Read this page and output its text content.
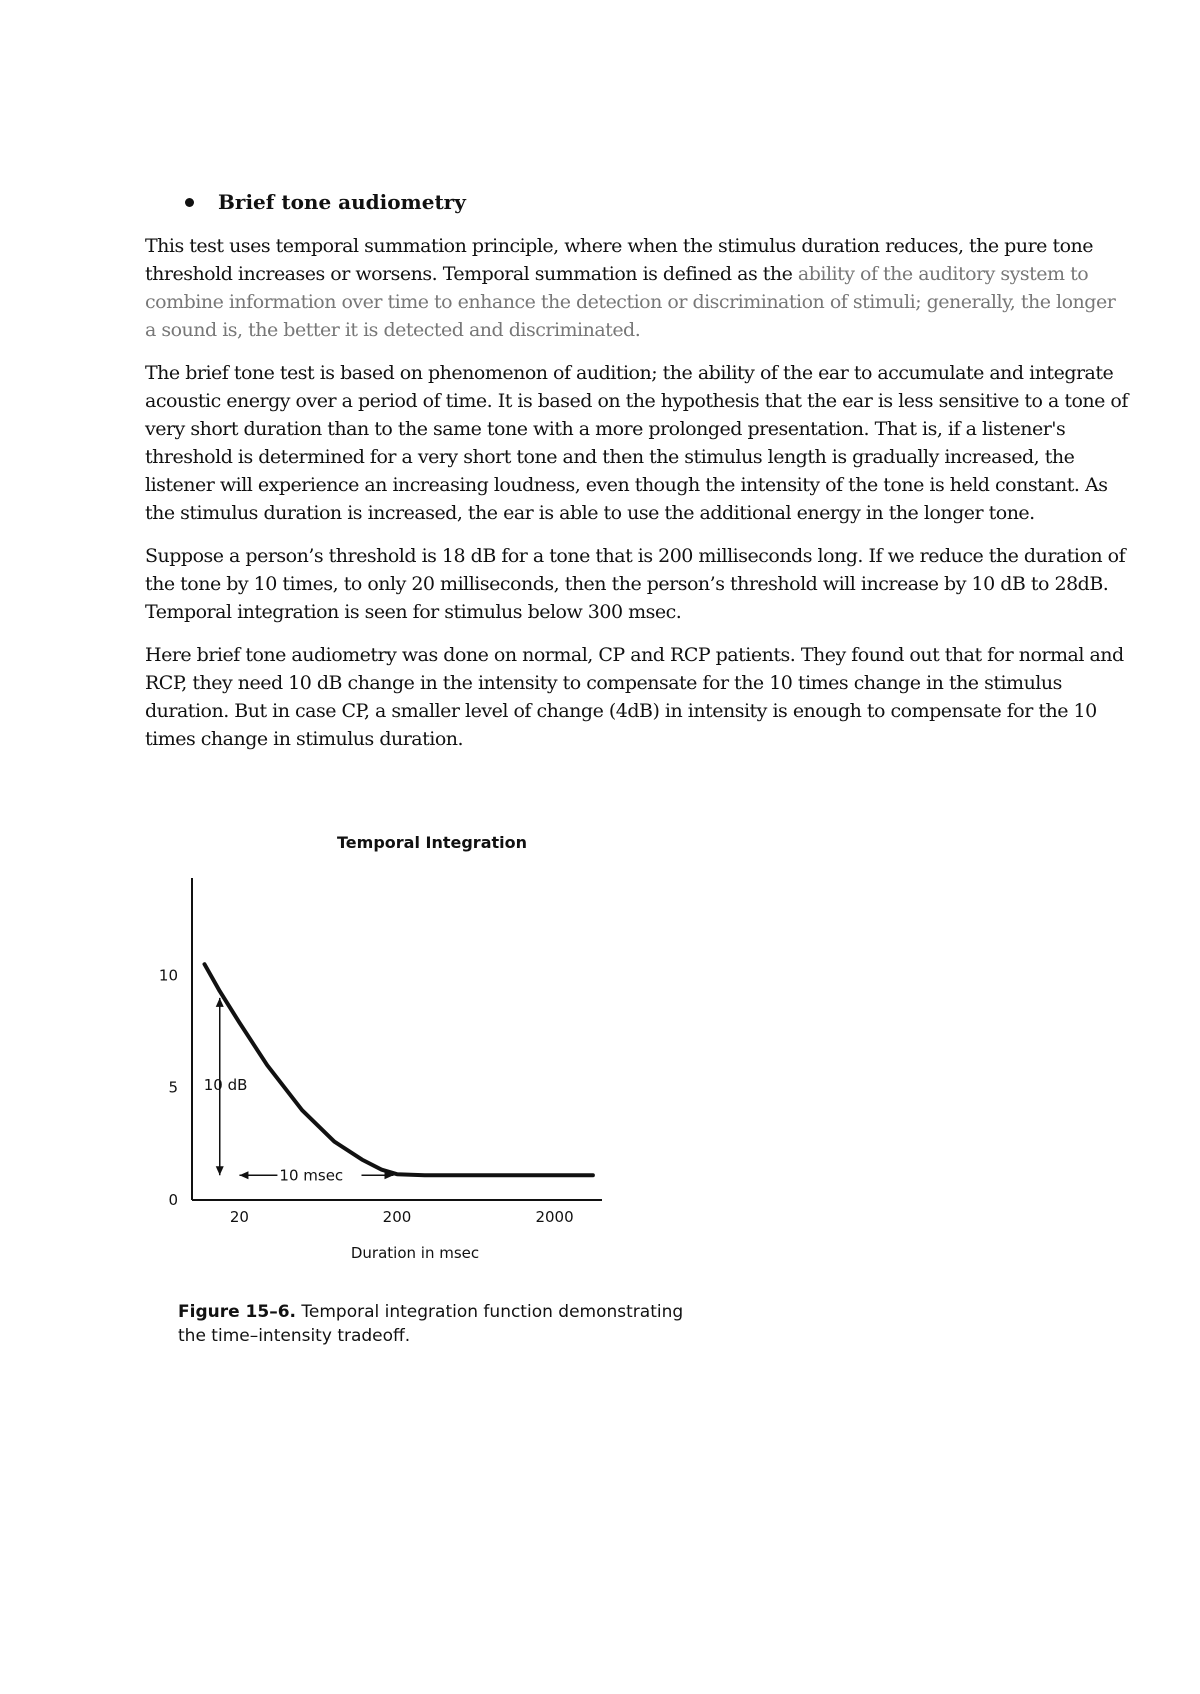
Brief tone audiometry

This test uses temporal summation principle, where when the stimulus duration reduces, the pure tone threshold increases or worsens. Temporal summation is defined as the ability of the auditory system to combine information over time to enhance the detection or discrimination of stimuli; generally, the longer a sound is, the better it is detected and discriminated.

The brief tone test is based on phenomenon of audition; the ability of the ear to accumulate and integrate acoustic energy over a period of time. It is based on the hypothesis that the ear is less sensitive to a tone of very short duration than to the same tone with a more prolonged presentation. That is, if a listener's threshold is determined for a very short tone and then the stimulus length is gradually increased, the listener will experience an increasing loudness, even though the intensity of the tone is held constant. As the stimulus duration is increased, the ear is able to use the additional energy in the longer tone.

Suppose a person’s threshold is 18 dB for a tone that is 200 milliseconds long. If we reduce the duration of the tone by 10 times, to only 20 milliseconds, then the person’s threshold will increase by 10 dB to 28dB. Temporal integration is seen for stimulus below 300 msec.

Here brief tone audiometry was done on normal, CP and RCP patients. They found out that for normal and RCP, they need 10 dB change in the intensity to compensate for the 10 times change in the stimulus duration. But in case CP, a smaller level of change (4dB) in intensity is enough to compensate for the 10 times change in stimulus duration.

Temporal Integration
0
5
10
20	200	2000
10 dB
10 msec
Duration in msec
Figure 15–6. Temporal integration function demonstrating the time–intensity tradeoff.
